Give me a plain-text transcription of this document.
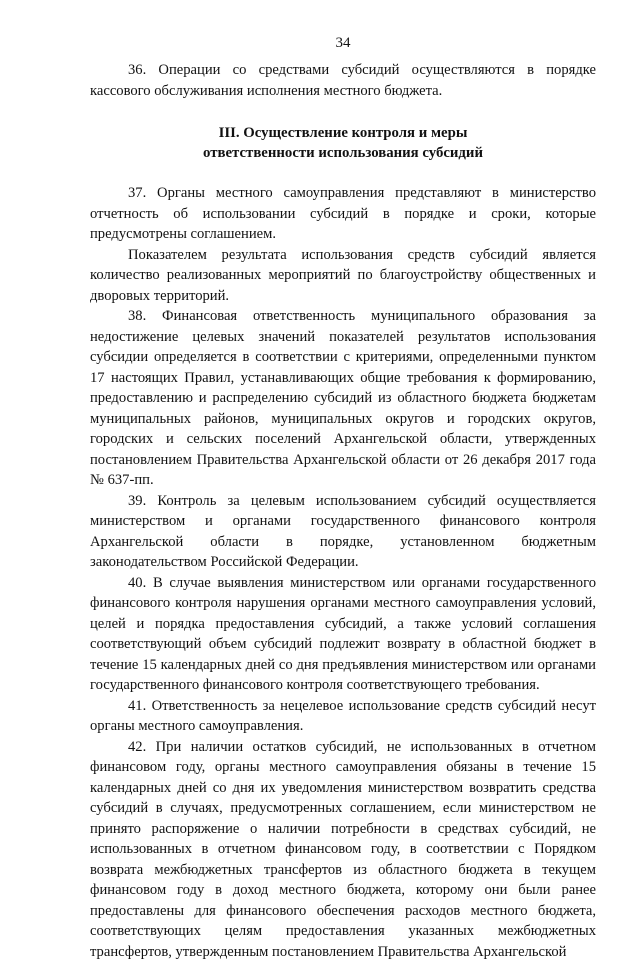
34

36. Операции со средствами субсидий осуществляются в порядке кассового обслуживания исполнения местного бюджета.

III. Осуществление контроля и меры
ответственности использования субсидий

37. Органы местного самоуправления представляют в министерство отчетность об использовании субсидий в порядке и сроки, которые предусмотрены соглашением.

Показателем результата использования средств субсидий является количество реализованных мероприятий по благоустройству общественных и дворовых территорий.

38. Финансовая ответственность муниципального образования за недостижение целевых значений показателей результатов использования субсидии определяется в соответствии с критериями, определенными пунктом 17 настоящих Правил, устанавливающих общие требования к формированию, предоставлению и распределению субсидий из областного бюджета бюджетам муниципальных районов, муниципальных округов и городских округов, городских и сельских поселений Архангельской области, утвержденных постановлением Правительства Архангельской области от 26 декабря 2017 года № 637-пп.

39. Контроль за целевым использованием субсидий осуществляется министерством и органами государственного финансового контроля Архангельской области в порядке, установленном бюджетным законодательством Российской Федерации.

40. В случае выявления министерством или органами государственного финансового контроля нарушения органами местного самоуправления условий, целей и порядка предоставления субсидий, а также условий соглашения соответствующий объем субсидий подлежит возврату в областной бюджет в течение 15 календарных дней со дня предъявления министерством или органами государственного финансового контроля соответствующего требования.

41. Ответственность за нецелевое использование средств субсидий несут органы местного самоуправления.

42. При наличии остатков субсидий, не использованных в отчетном финансовом году, органы местного самоуправления обязаны в течение 15 календарных дней со дня их уведомления министерством возвратить средства субсидий в случаях, предусмотренных соглашением, если министерством не принято распоряжение о наличии потребности в средствах субсидий, не использованных в отчетном финансовом году, в соответствии с Порядком возврата межбюджетных трансфертов из областного бюджета в текущем финансовом году в доход местного бюджета, которому они были ранее предоставлены для финансового обеспечения расходов местного бюджета, соответствующих целям предоставления указанных межбюджетных трансфертов, утвержденным постановлением Правительства Архангельской
